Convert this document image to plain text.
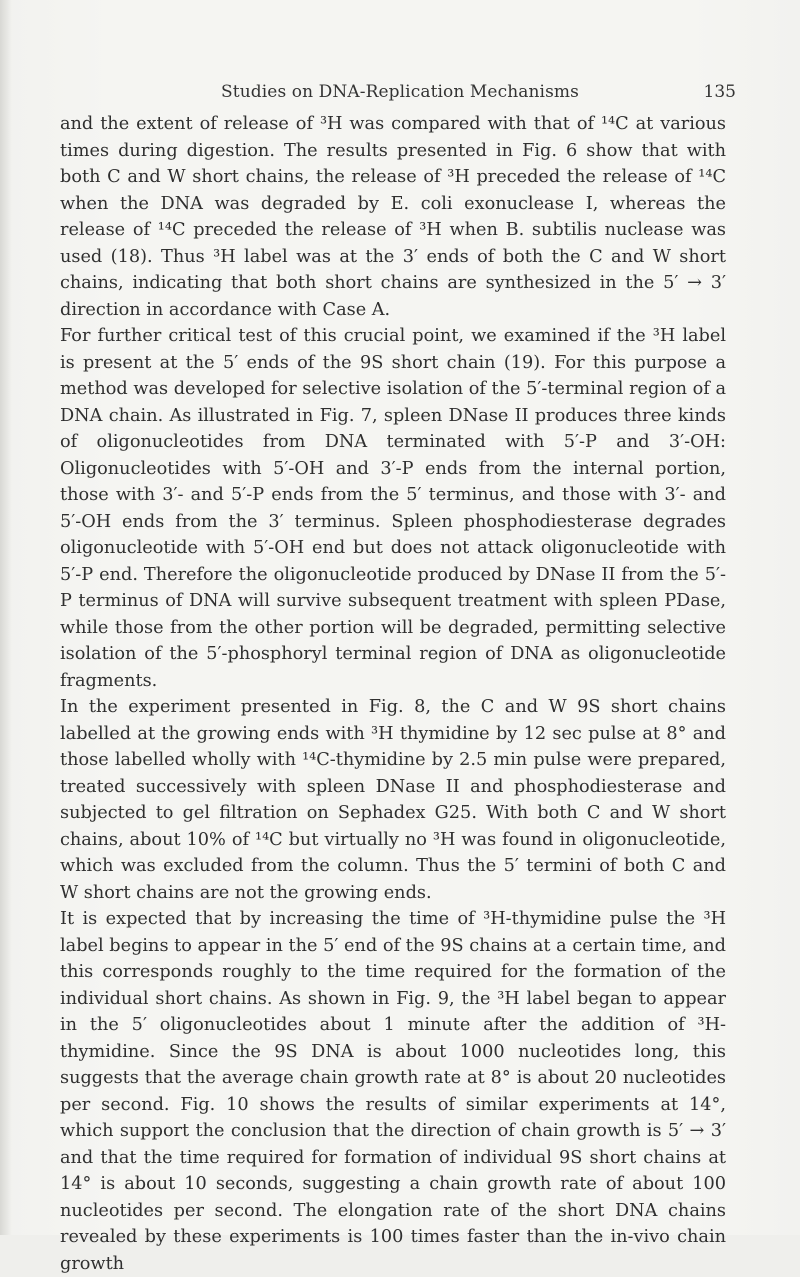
Studies on DNA-Replication Mechanisms	135

and the extent of release of ³H was compared with that of ¹⁴C at various times during digestion. The results presented in Fig. 6 show that with both C and W short chains, the release of ³H preceded the release of ¹⁴C when the DNA was degraded by E. coli exonuclease I, whereas the release of ¹⁴C preceded the release of ³H when B. subtilis nuclease was used (18). Thus ³H label was at the 3′ ends of both the C and W short chains, indicating that both short chains are synthesized in the 5′ → 3′ direction in accordance with Case A.

For further critical test of this crucial point, we examined if the ³H label is present at the 5′ ends of the 9S short chain (19). For this purpose a method was developed for selective isolation of the 5′-terminal region of a DNA chain. As illustrated in Fig. 7, spleen DNase II produces three kinds of oligonucleotides from DNA terminated with 5′-P and 3′-OH: Oligonucleotides with 5′-OH and 3′-P ends from the internal portion, those with 3′- and 5′-P ends from the 5′ terminus, and those with 3′- and 5′-OH ends from the 3′ terminus. Spleen phosphodiesterase degrades oligonucleotide with 5′-OH end but does not attack oligonucleotide with 5′-P end. Therefore the oligonucleotide produced by DNase II from the 5′-P terminus of DNA will survive subsequent treatment with spleen PDase, while those from the other portion will be degraded, permitting selective isolation of the 5′-phosphoryl terminal region of DNA as oligonucleotide fragments.

In the experiment presented in Fig. 8, the C and W 9S short chains labelled at the growing ends with ³H thymidine by 12 sec pulse at 8° and those labelled wholly with ¹⁴C-thymidine by 2.5 min pulse were prepared, treated successively with spleen DNase II and phosphodiesterase and subjected to gel filtration on Sephadex G25. With both C and W short chains, about 10% of ¹⁴C but virtually no ³H was found in oligonucleotide, which was excluded from the column. Thus the 5′ termini of both C and W short chains are not the growing ends.

It is expected that by increasing the time of ³H-thymidine pulse the ³H label begins to appear in the 5′ end of the 9S chains at a certain time, and this corresponds roughly to the time required for the formation of the individual short chains. As shown in Fig. 9, the ³H label began to appear in the 5′ oligonucleotides about 1 minute after the addition of ³H-thymidine. Since the 9S DNA is about 1000 nucleotides long, this suggests that the average chain growth rate at 8° is about 20 nucleotides per second. Fig. 10 shows the results of similar experiments at 14°, which support the conclusion that the direction of chain growth is 5′ → 3′ and that the time required for formation of individual 9S short chains at 14° is about 10 seconds, suggesting a chain growth rate of about 100 nucleotides per second. The elongation rate of the short DNA chains revealed by these experiments is 100 times faster than the in-vivo chain growth
